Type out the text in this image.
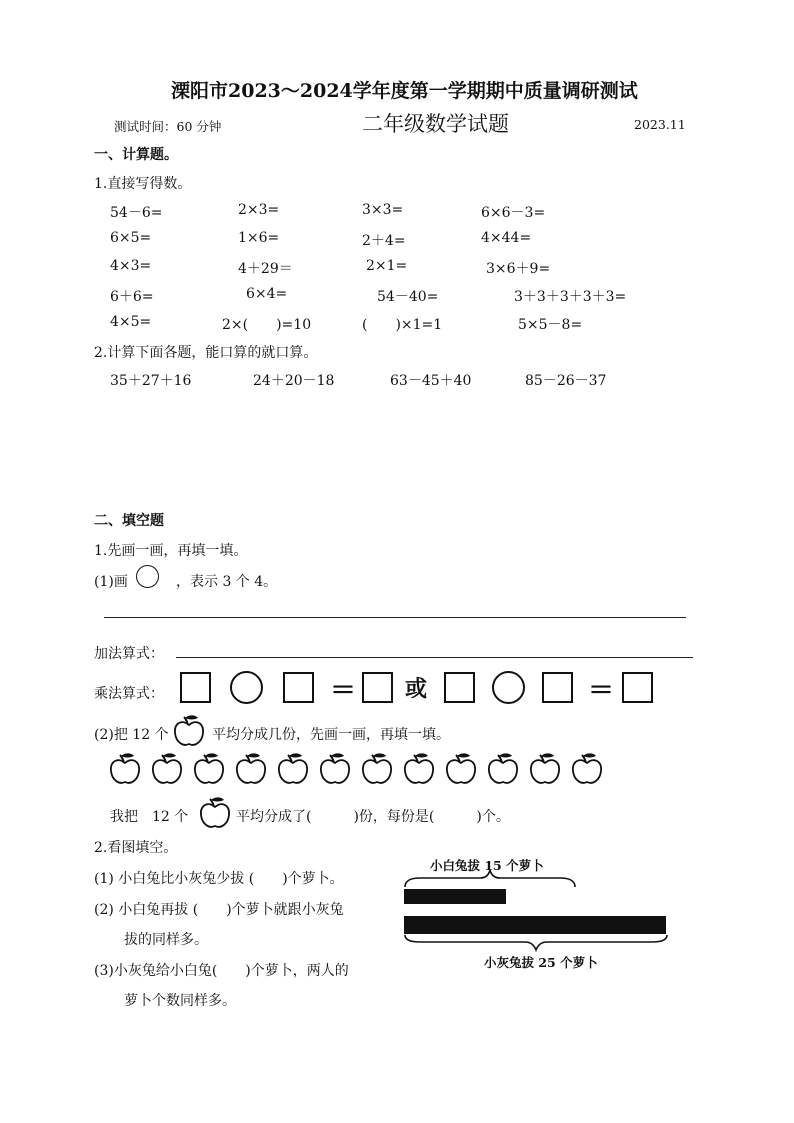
溧阳市2023～2024学年度第一学期期中质量调研测试
测试时间：60 分钟	二年级数学试题	2023.11
一、计算题。
1.直接写得数。
54－6=	2×3=	3×3=	6×6－3=
6×5=	1×6=	2＋4=	4×44=
4×3=	4＋29＝	2×1=	3×6＋9=
6＋6=	6×4=	54－40=	3＋3＋3＋3＋3=
4×5=	2×(　　)=10	(　　)×1=1	5×5－8=
2.计算下面各题，能口算的就口算。
35＋27＋16	24＋20－18	63－45＋40	85－26－37
二、填空题
1.先画一画，再填一填。
(1)画	，表示 3 个 4。
加法算式：
乘法算式：	＝ 或	＝
(2)把 12 个	平均分成几份，先画一画，再填一填。
我把　12 个	平均分成了(　　　)份，每份是(　　　)个。
2.看图填空。
(1) 小白兔比小灰兔少拔 (　　)个萝卜。
(2) 小白兔再拔 (　　)个萝卜就跟小灰兔
拔的同样多。
(3)小灰兔给小白兔(　　)个萝卜，两人的
萝卜个数同样多。
小白兔拔 15 个萝卜
小灰兔拔 25 个萝卜
